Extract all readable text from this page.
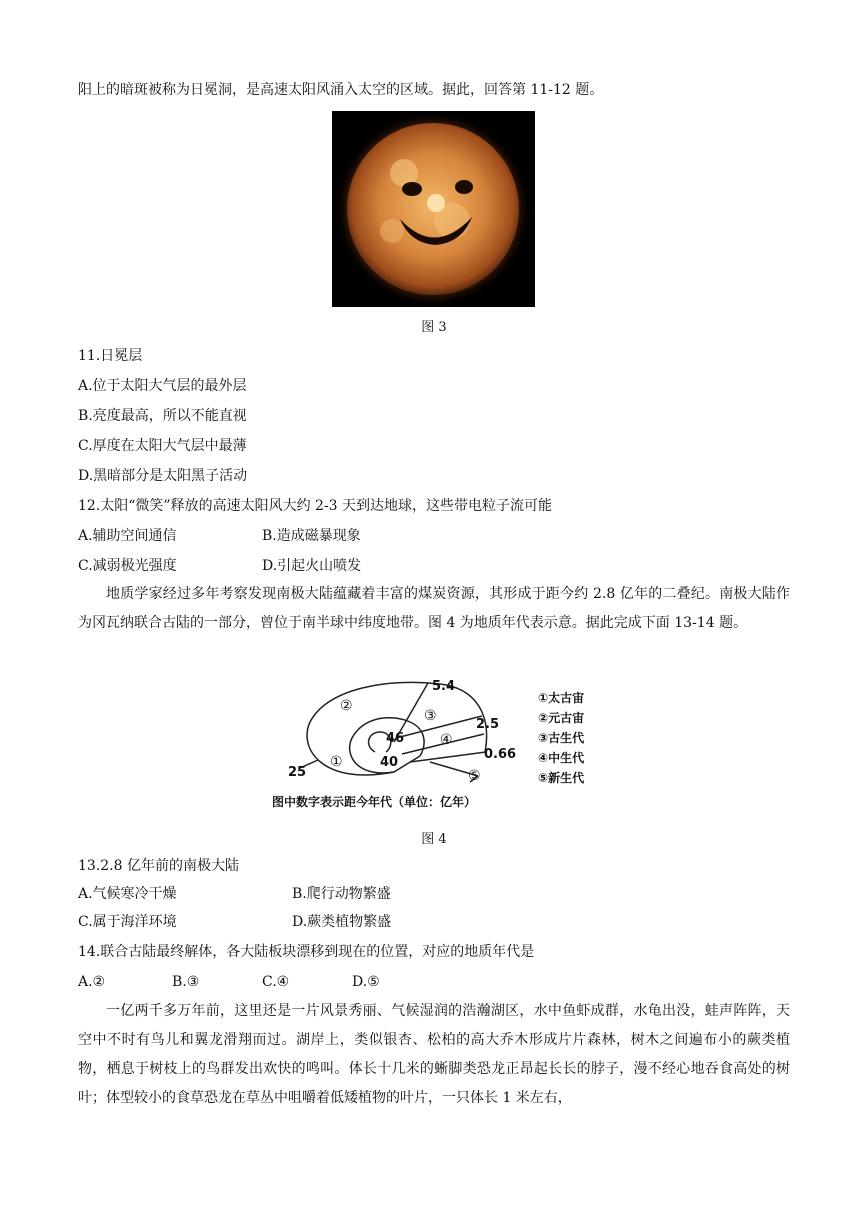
阳上的暗斑被称为日冕洞，是高速太阳风涌入太空的区域。据此，回答第 11-12 题。
图 3
11.日冕层
A.位于太阳大气层的最外层
B.亮度最高，所以不能直视
C.厚度在太阳大气层中最薄
D.黑暗部分是太阳黑子活动
12.太阳“微笑”释放的高速太阳风大约 2-3 天到达地球，这些带电粒子流可能
A.辅助空间通信	B.造成磁暴现象
C.减弱极光强度	D.引起火山喷发
地质学家经过多年考察发现南极大陆蕴藏着丰富的煤炭资源，其形成于距今约 2.8 亿年的二叠纪。南极大陆作为冈瓦纳联合古陆的一部分，曾位于南半球中纬度地带。图 4 为地质年代表示意。据此完成下面 13-14 题。
5.4
2.5
0.66
46
40
25
②
③
④
①
⑤
①太古宙
②元古宙
③古生代
④中生代
⑤新生代
图中数字表示距今年代（单位：亿年）
图 4
13.2.8 亿年前的南极大陆
A.气候寒冷干燥	B.爬行动物繁盛
C.属于海洋环境	D.蕨类植物繁盛
14.联合古陆最终解体，各大陆板块漂移到现在的位置，对应的地质年代是
A.②	B.③	C.④	D.⑤
一亿两千多万年前，这里还是一片风景秀丽、气候湿润的浩瀚湖区，水中鱼虾成群，水龟出没，蛙声阵阵，天空中不时有鸟儿和翼龙滑翔而过。湖岸上，类似银杏、松柏的高大乔木形成片片森林，树木之间遍布小的蕨类植物，栖息于树枝上的鸟群发出欢快的鸣叫。体长十几米的蜥脚类恐龙正昂起长长的脖子，漫不经心地吞食高处的树叶；体型较小的食草恐龙在草丛中咀嚼着低矮植物的叶片，一只体长 1 米左右，
